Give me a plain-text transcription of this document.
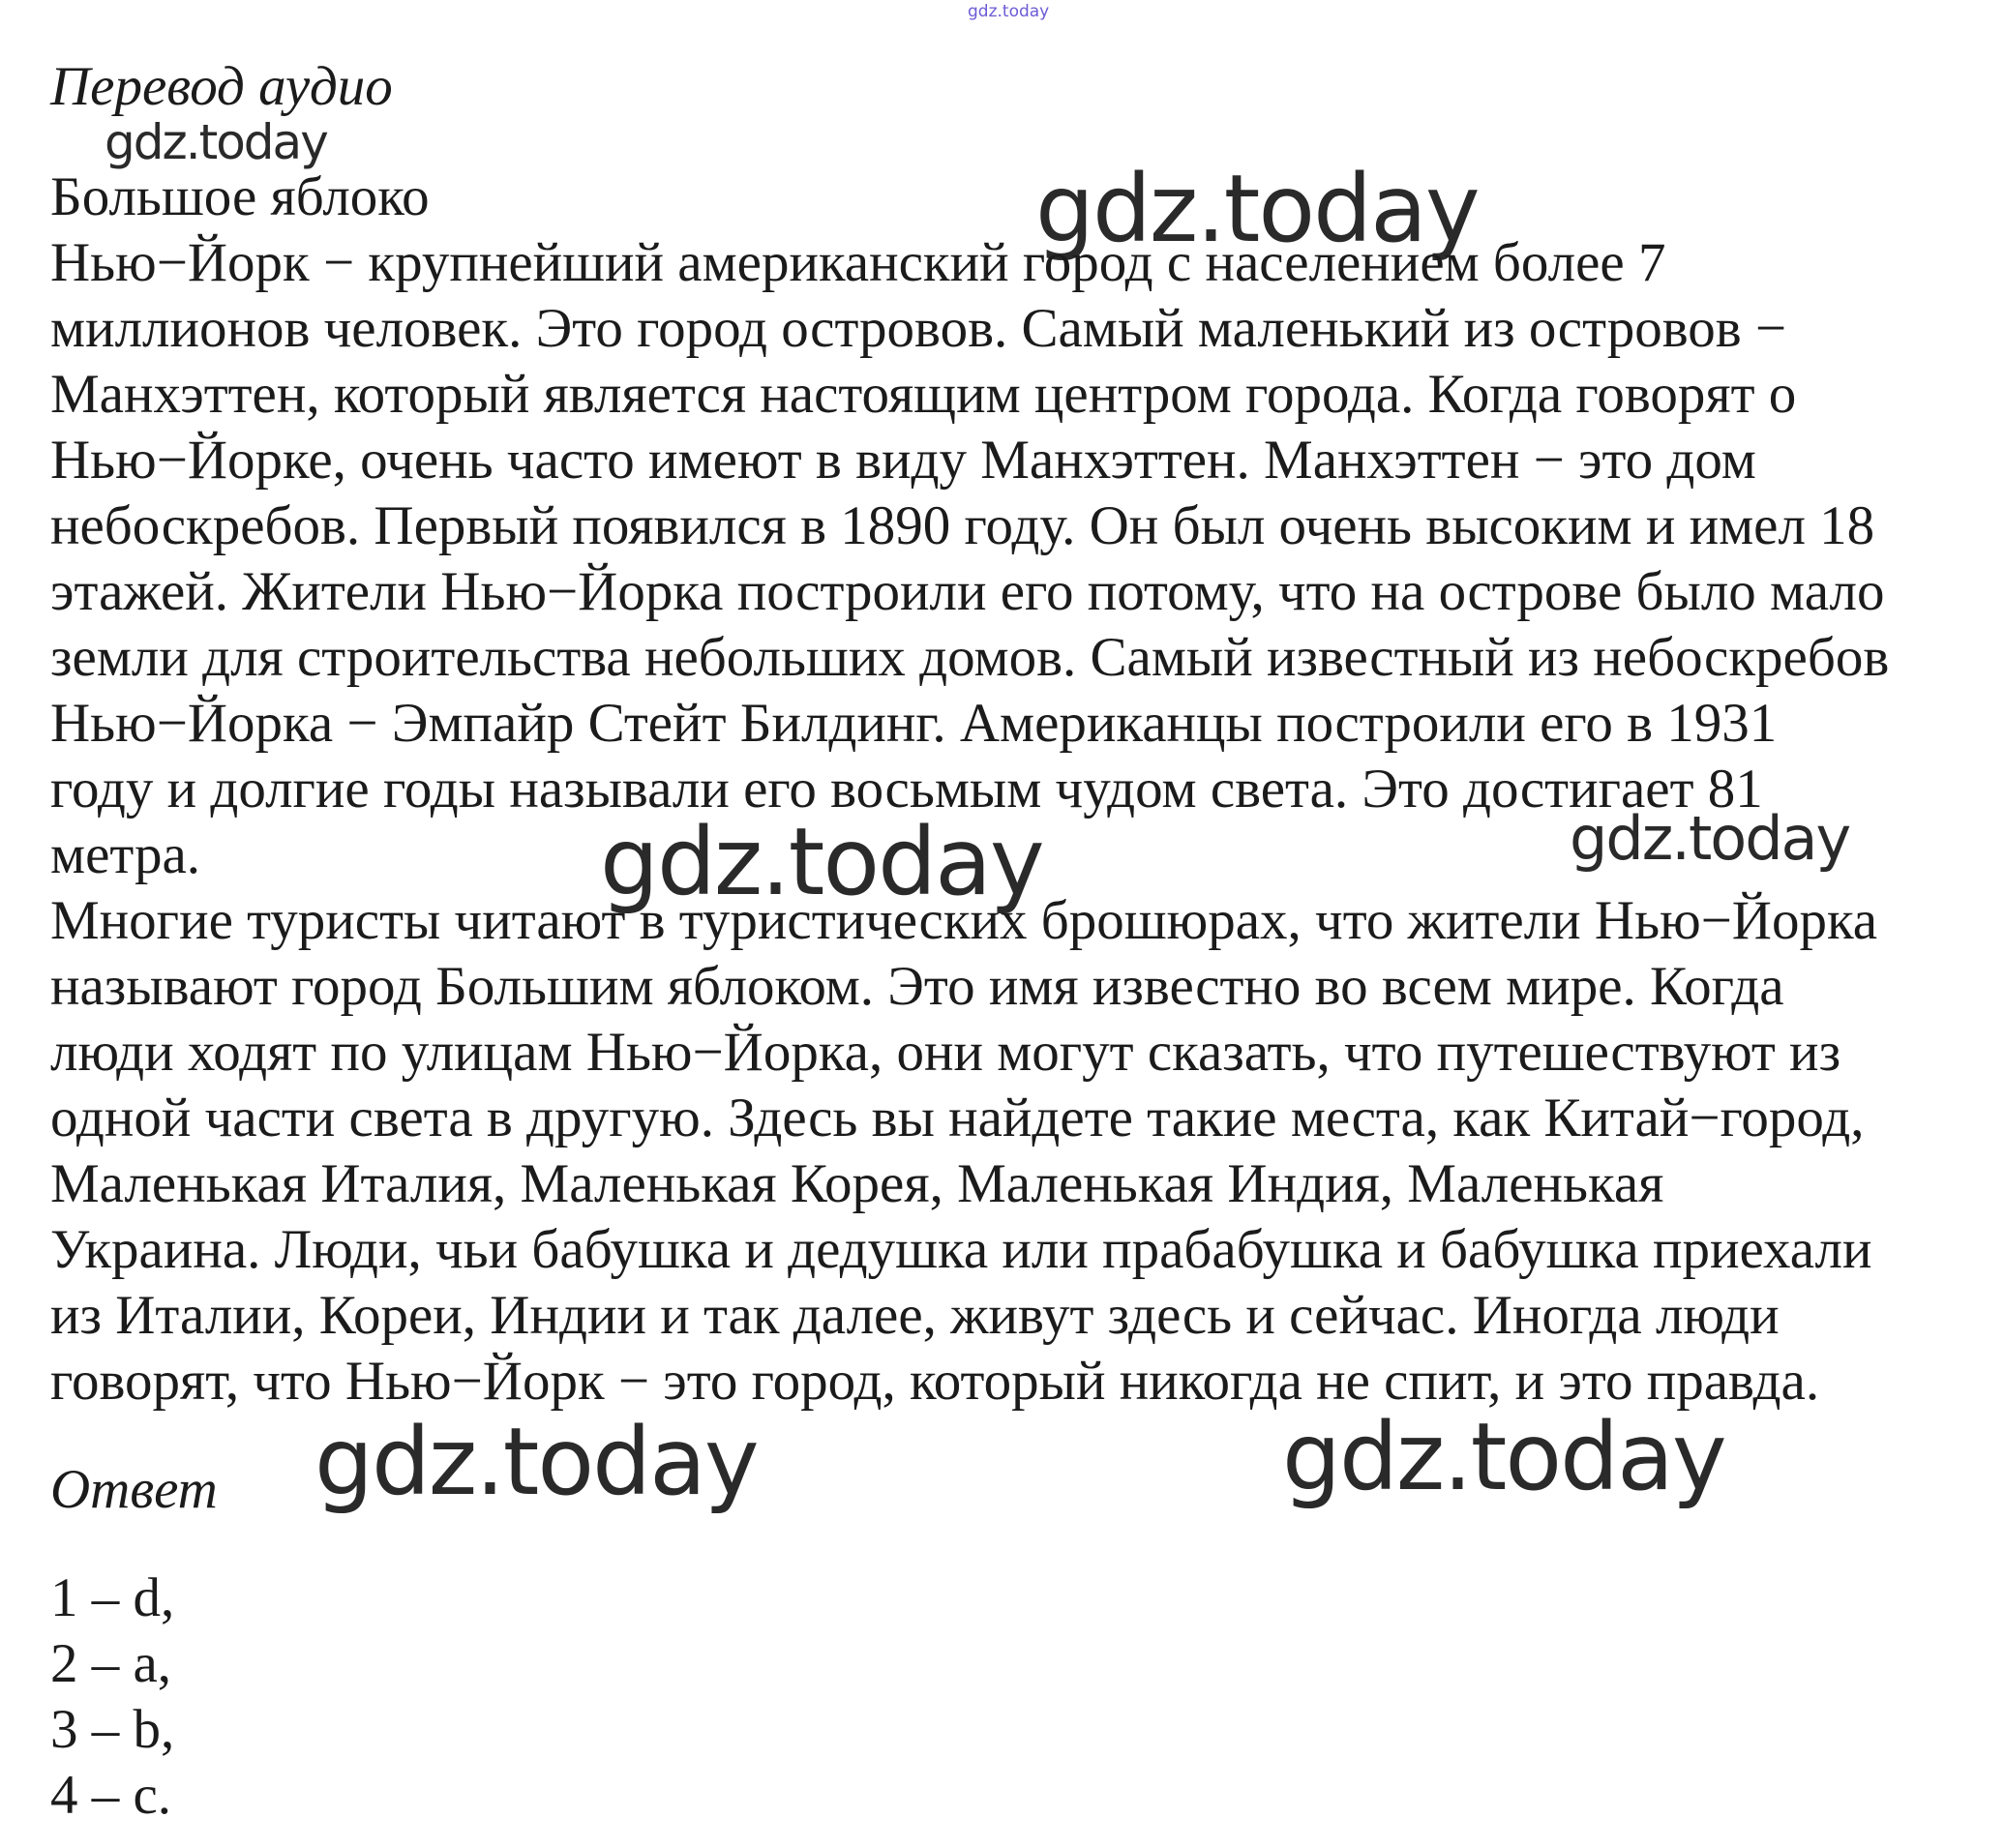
gdz.today
gdz.today
gdz.today
gdz.today	gdz.today
gdz.today	gdz.today
Перевод аудио
Большое яблоко
Нью−Йорк − крупнейший американский город с населением более 7
миллионов человек. Это город островов. Самый маленький из островов −
Манхэттен, который является настоящим центром города. Когда говорят о
Нью−Йорке, очень часто имеют в виду Манхэттен. Манхэттен − это дом
небоскребов. Первый появился в 1890 году. Он был очень высоким и имел 18
этажей. Жители Нью−Йорка построили его потому, что на острове было мало
земли для строительства небольших домов. Самый известный из небоскребов
Нью−Йорка − Эмпайр Стейт Билдинг. Американцы построили его в 1931
году и долгие годы называли его восьмым чудом света. Это достигает 81
метра.
Многие туристы читают в туристических брошюрах, что жители Нью−Йорка
называют город Большим яблоком. Это имя известно во всем мире. Когда
люди ходят по улицам Нью−Йорка, они могут сказать, что путешествуют из
одной части света в другую. Здесь вы найдете такие места, как Китай−город,
Маленькая Италия, Маленькая Корея, Маленькая Индия, Маленькая
Украина. Люди, чьи бабушка и дедушка или прабабушка и бабушка приехали
из Италии, Кореи, Индии и так далее, живут здесь и сейчас. Иногда люди
говорят, что Нью−Йорк − это город, который никогда не спит, и это правда.
Ответ
1 – d,
2 – a,
3 – b,
4 – c.
